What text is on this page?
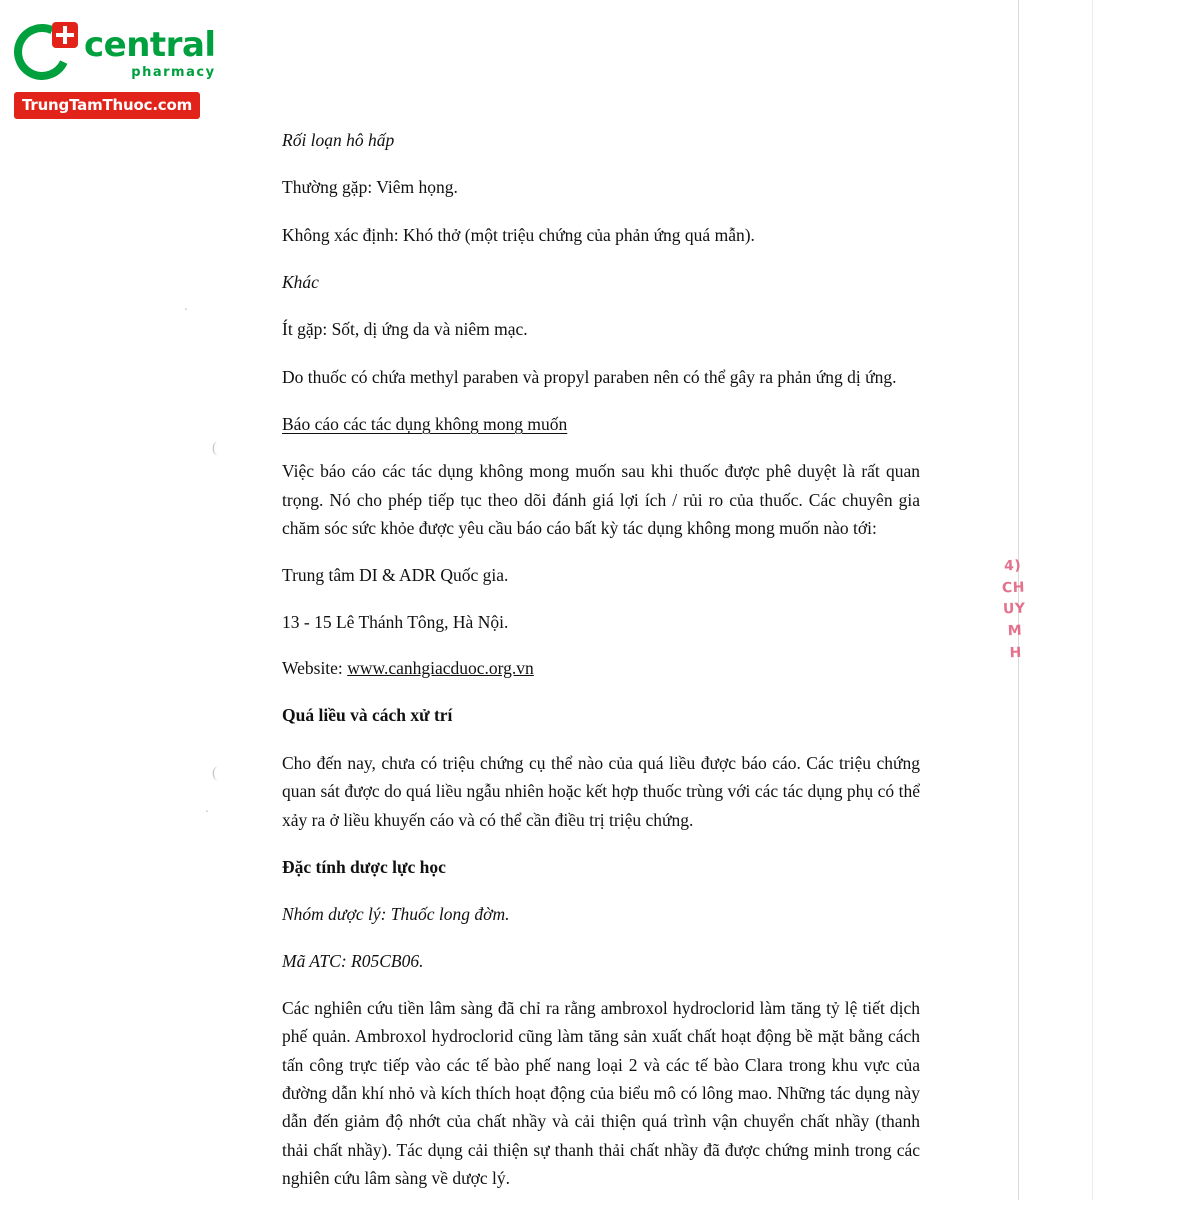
central
pharmacy
TrungTamThuoc.com
.
(
(
.
4)
CH
UY
M
H

Rối loạn hô hấp

Thường gặp: Viêm họng.

Không xác định: Khó thở (một triệu chứng của phản ứng quá mẫn).

Khác

Ít gặp: Sốt, dị ứng da và niêm mạc.

Do thuốc có chứa methyl paraben và propyl paraben nên có thể gây ra phản ứng dị ứng.

Báo cáo các tác dụng không mong muốn

Việc báo cáo các tác dụng không mong muốn sau khi thuốc được phê duyệt là rất quan trọng. Nó cho phép tiếp tục theo dõi đánh giá lợi ích / rủi ro của thuốc. Các chuyên gia chăm sóc sức khỏe được yêu cầu báo cáo bất kỳ tác dụng không mong muốn nào tới:

Trung tâm DI & ADR Quốc gia.

13 - 15 Lê Thánh Tông, Hà Nội.

Website: www.canhgiacduoc.org.vn

Quá liều và cách xử trí

Cho đến nay, chưa có triệu chứng cụ thể nào của quá liều được báo cáo. Các triệu chứng quan sát được do quá liều ngẫu nhiên hoặc kết hợp thuốc trùng với các tác dụng phụ có thể xảy ra ở liều khuyến cáo và có thể cần điều trị triệu chứng.

Đặc tính dược lực học

Nhóm dược lý: Thuốc long đờm.

Mã ATC: R05CB06.

Các nghiên cứu tiền lâm sàng đã chỉ ra rằng ambroxol hydroclorid làm tăng tỷ lệ tiết dịch phế quản. Ambroxol hydroclorid cũng làm tăng sản xuất chất hoạt động bề mặt bằng cách tấn công trực tiếp vào các tế bào phế nang loại 2 và các tế bào Clara trong khu vực của đường dẫn khí nhỏ và kích thích hoạt động của biểu mô có lông mao. Những tác dụng này dẫn đến giảm độ nhớt của chất nhầy và cải thiện quá trình vận chuyển chất nhầy (thanh thải chất nhầy). Tác dụng cải thiện sự thanh thải chất nhầy đã được chứng minh trong các nghiên cứu lâm sàng về dược lý.
